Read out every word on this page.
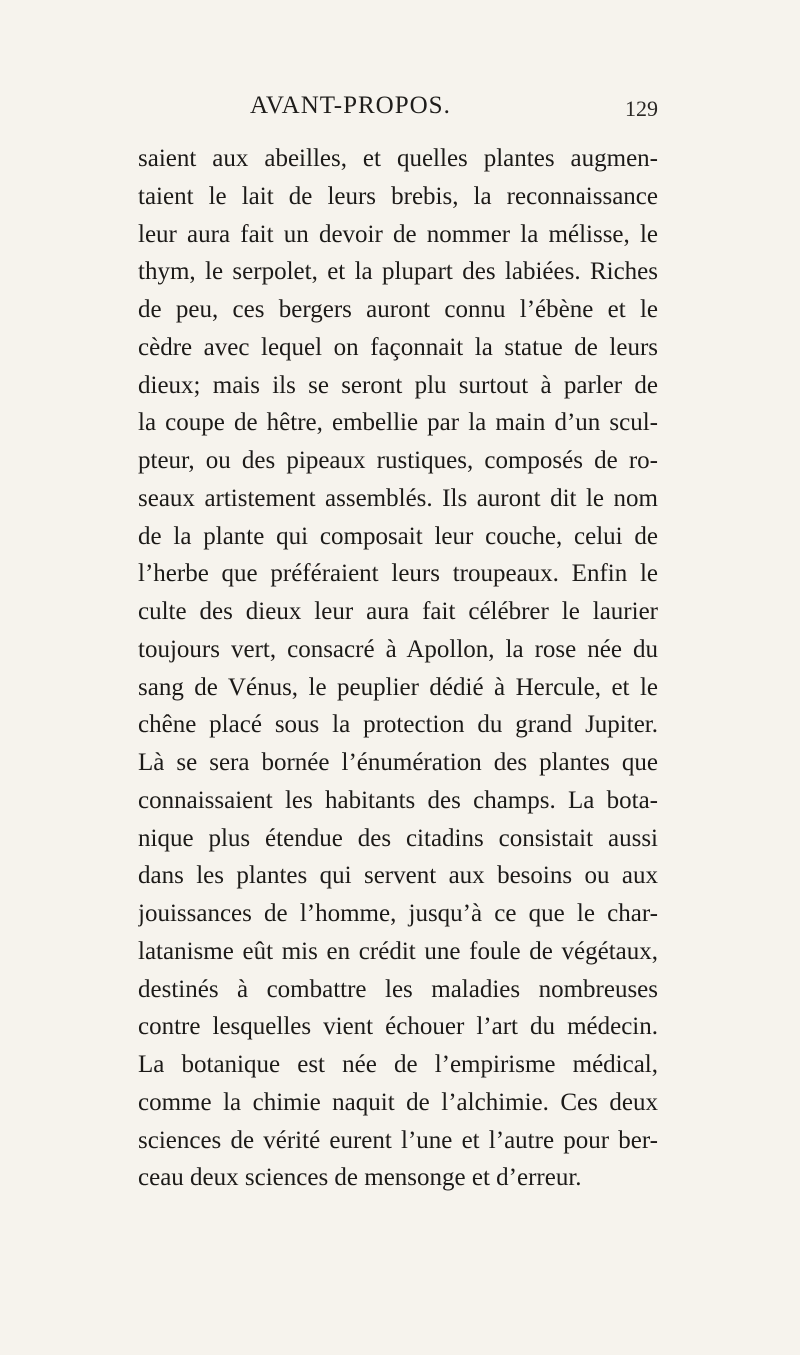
AVANT-PROPOS.	129
saient aux abeilles, et quelles plantes augmen-
taient le lait de leurs brebis, la reconnaissance
leur aura fait un devoir de nommer la mélisse, le
thym, le serpolet, et la plupart des labiées. Riches
de peu, ces bergers auront connu l’ébène et le
cèdre avec lequel on façonnait la statue de leurs
dieux; mais ils se seront plu surtout à parler de
la coupe de hêtre, embellie par la main d’un scul-
pteur, ou des pipeaux rustiques, composés de ro-
seaux artistement assemblés. Ils auront dit le nom
de la plante qui composait leur couche, celui de
l’herbe que préféraient leurs troupeaux. Enfin le
culte des dieux leur aura fait célébrer le laurier
toujours vert, consacré à Apollon, la rose née du
sang de Vénus, le peuplier dédié à Hercule, et le
chêne placé sous la protection du grand Jupiter.
Là se sera bornée l’énumération des plantes que
connaissaient les habitants des champs. La bota-
nique plus étendue des citadins consistait aussi
dans les plantes qui servent aux besoins ou aux
jouissances de l’homme, jusqu’à ce que le char-
latanisme eût mis en crédit une foule de végétaux,
destinés à combattre les maladies nombreuses
contre lesquelles vient échouer l’art du médecin.
La botanique est née de l’empirisme médical,
comme la chimie naquit de l’alchimie. Ces deux
sciences de vérité eurent l’une et l’autre pour ber-
ceau deux sciences de mensonge et d’erreur.
